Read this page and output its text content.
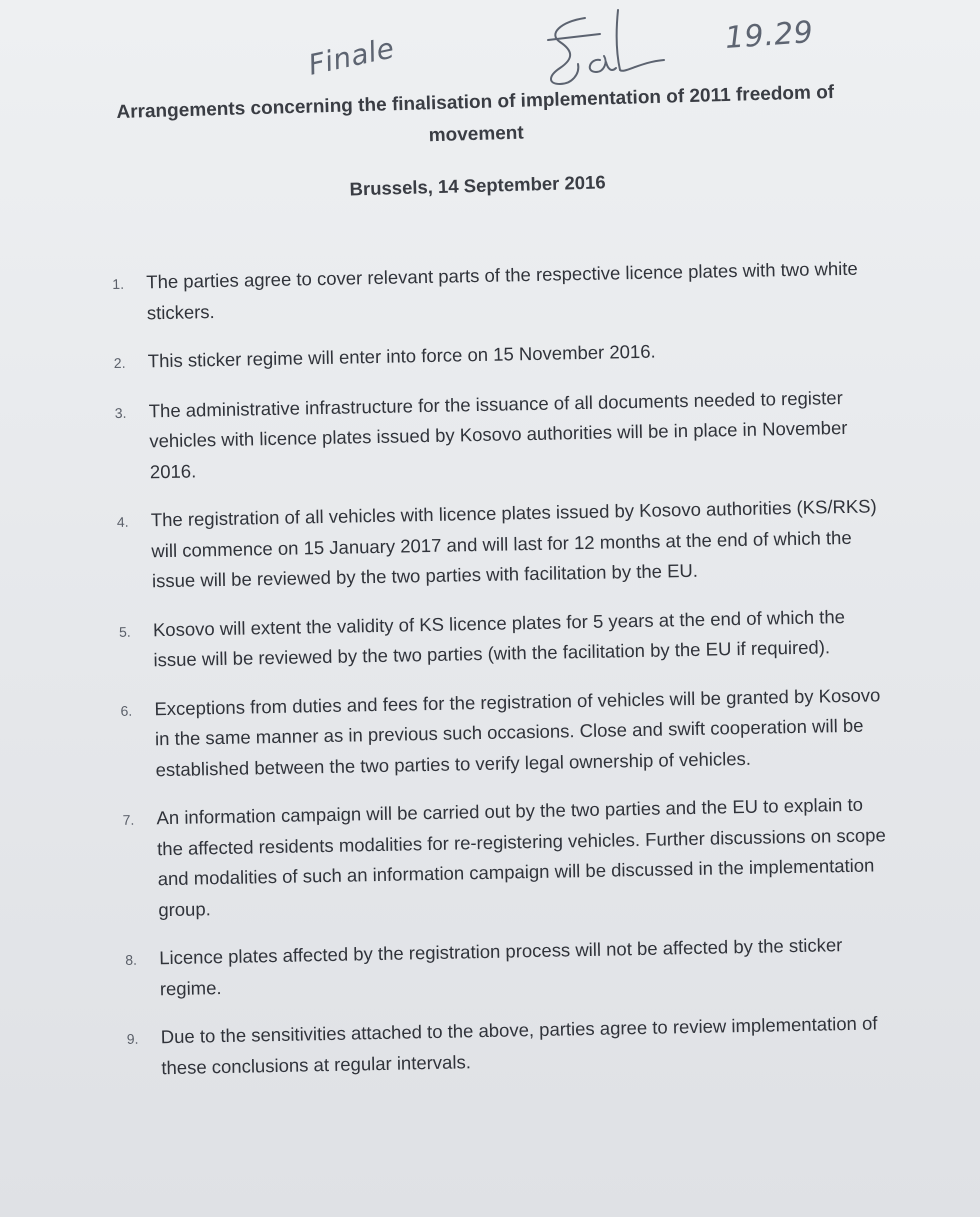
Finale	19.29

Arrangements concerning the finalisation of implementation of 2011 freedom of movement

Brussels, 14 September 2016

1.	The parties agree to cover relevant parts of the respective licence plates with two white stickers.
2.	This sticker regime will enter into force on 15 November 2016.
3.	The administrative infrastructure for the issuance of all documents needed to register vehicles with licence plates issued by Kosovo authorities will be in place in November 2016.
4.	The registration of all vehicles with licence plates issued by Kosovo authorities (KS/RKS) will commence on 15 January 2017 and will last for 12 months at the end of which the issue will be reviewed by the two parties with facilitation by the EU.
5.	Kosovo will extent the validity of KS licence plates for 5 years at the end of which the issue will be reviewed by the two parties (with the facilitation by the EU if required).
6.	Exceptions from duties and fees for the registration of vehicles will be granted by Kosovo in the same manner as in previous such occasions. Close and swift cooperation will be established between the two parties to verify legal ownership of vehicles.
7.	An information campaign will be carried out by the two parties and the EU to explain to the affected residents modalities for re-registering vehicles. Further discussions on scope and modalities of such an information campaign will be discussed in the implementation group.
8.	Licence plates affected by the registration process will not be affected by the sticker regime.
9.	Due to the sensitivities attached to the above, parties agree to review implementation of these conclusions at regular intervals.
